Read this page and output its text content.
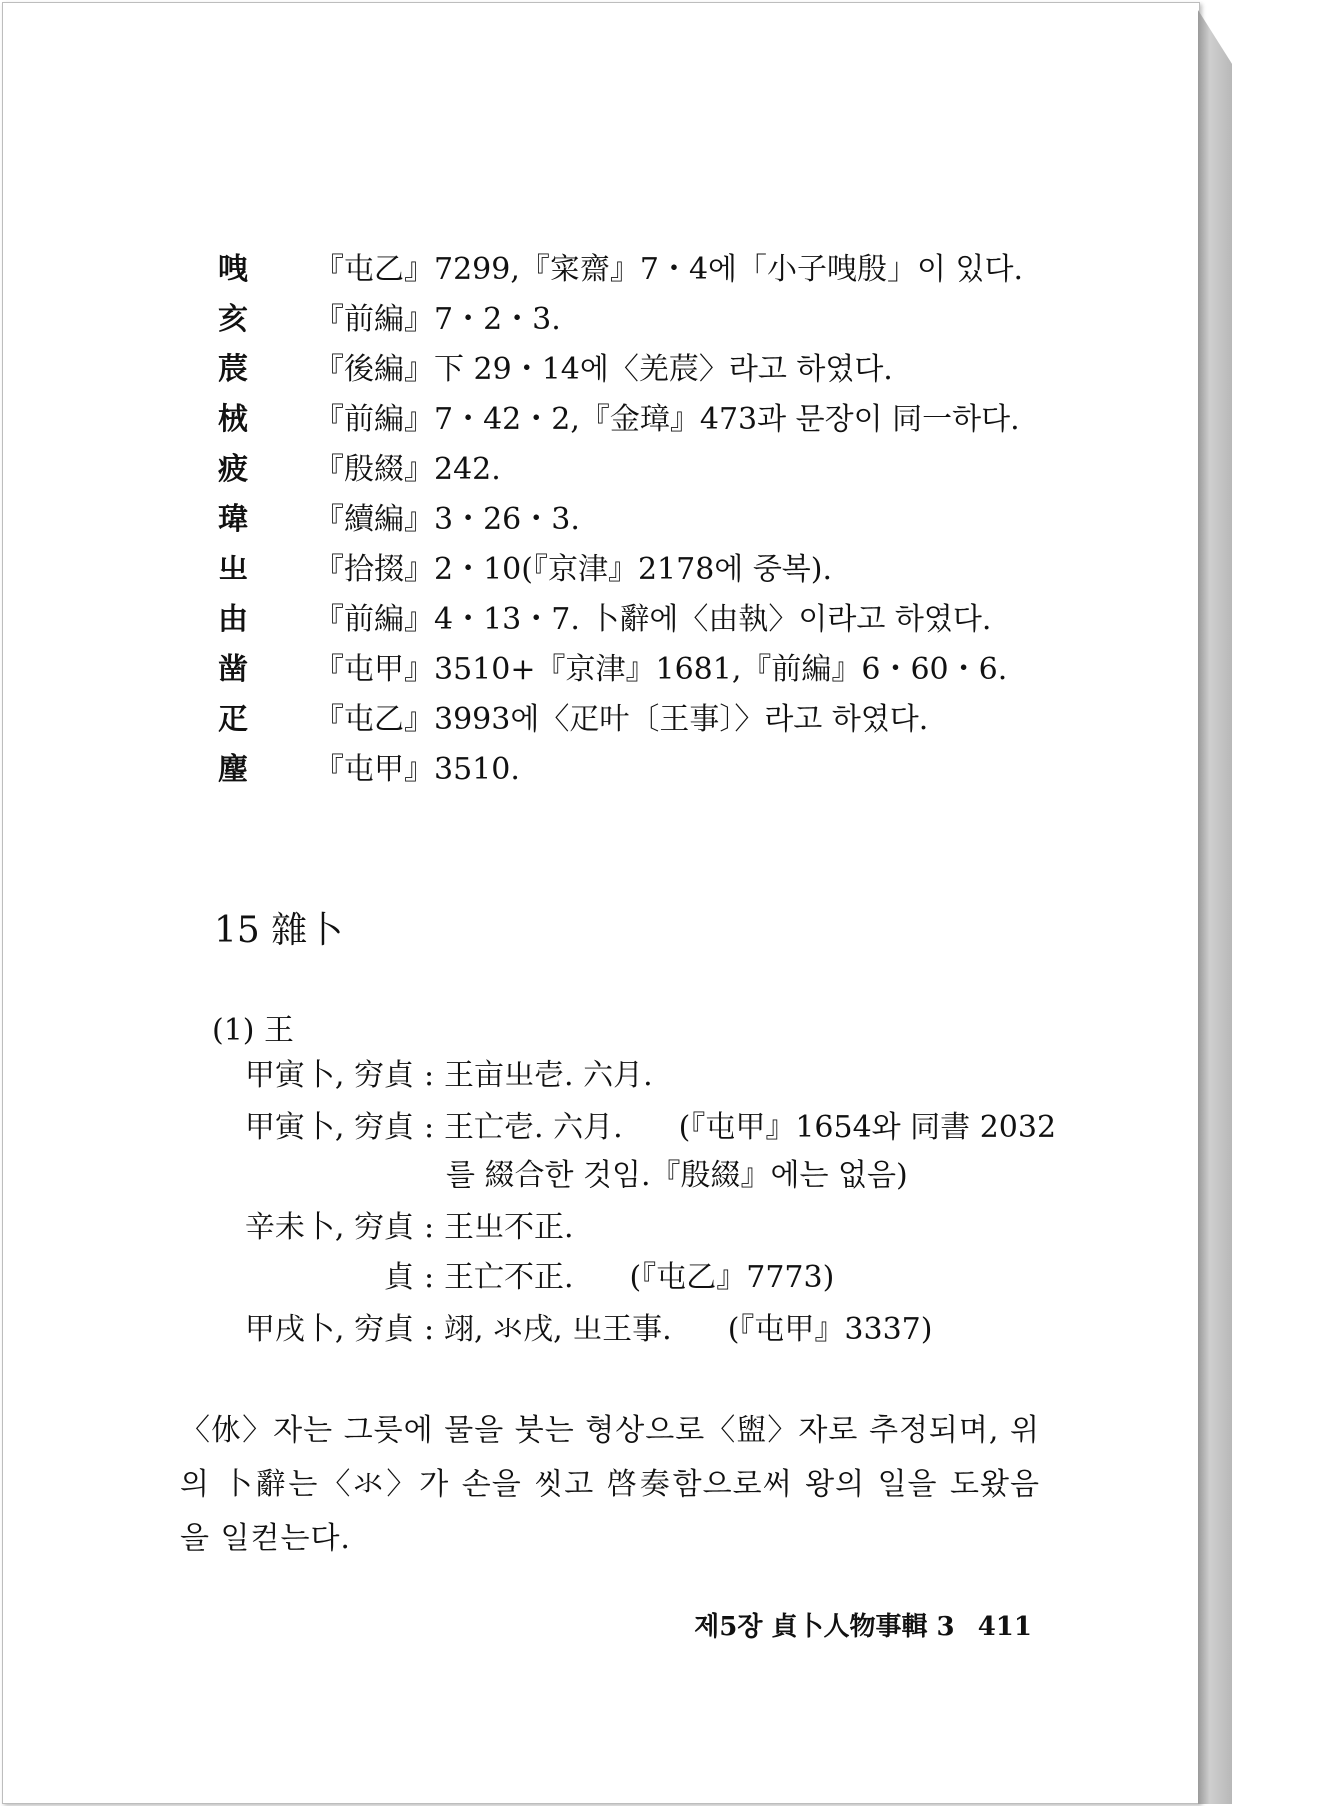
㖂 『屯乙』7299,『寀齋』7・4에「小子㖂殷」이 있다.
亥 『前編』7・2・3.
莀 『後編』下 29・14에〈羌莀〉라고 하였다.
㭜 『前編』7・42・2,『金璋』473과 문장이 同一하다.
疲 『殷綴』242.
瑋 『續編』3・26・3.
㞢 『拾掇』2・10(『京津』2178에 중복).
由 『前編』4・13・7. 卜辭에〈由執〉이라고 하였다.
凿 『屯甲』3510+『京津』1681,『前編』6・60・6.
疋 『屯乙』3993에〈疋叶〔王事〕〉라고 하였다.
麈 『屯甲』3510.
15 雜卜
(1) 王
甲寅卜, 穷貞 : 王亩㞢壱. 六月.
甲寅卜, 穷貞 : 王亡壱. 六月. (『屯甲』1654와 同書 2032
를 綴合한 것임.『殷綴』에는 없음)
辛未卜, 穷貞 : 王㞢不正.
貞 : 王亡不正. (『屯乙』7773)
甲戌卜, 穷貞 : 翊, 氺戌, 㞢王事. (『屯甲』3337)
〈㲻〉자는 그릇에 물을 붓는 형상으로〈盥〉자로 추정되며, 위의 卜辭는〈氺〉가 손을 씻고 啓奏함으로써 왕의 일을 도왔음을 일컫는다.
제5장 貞卜人物事輯 3 411
